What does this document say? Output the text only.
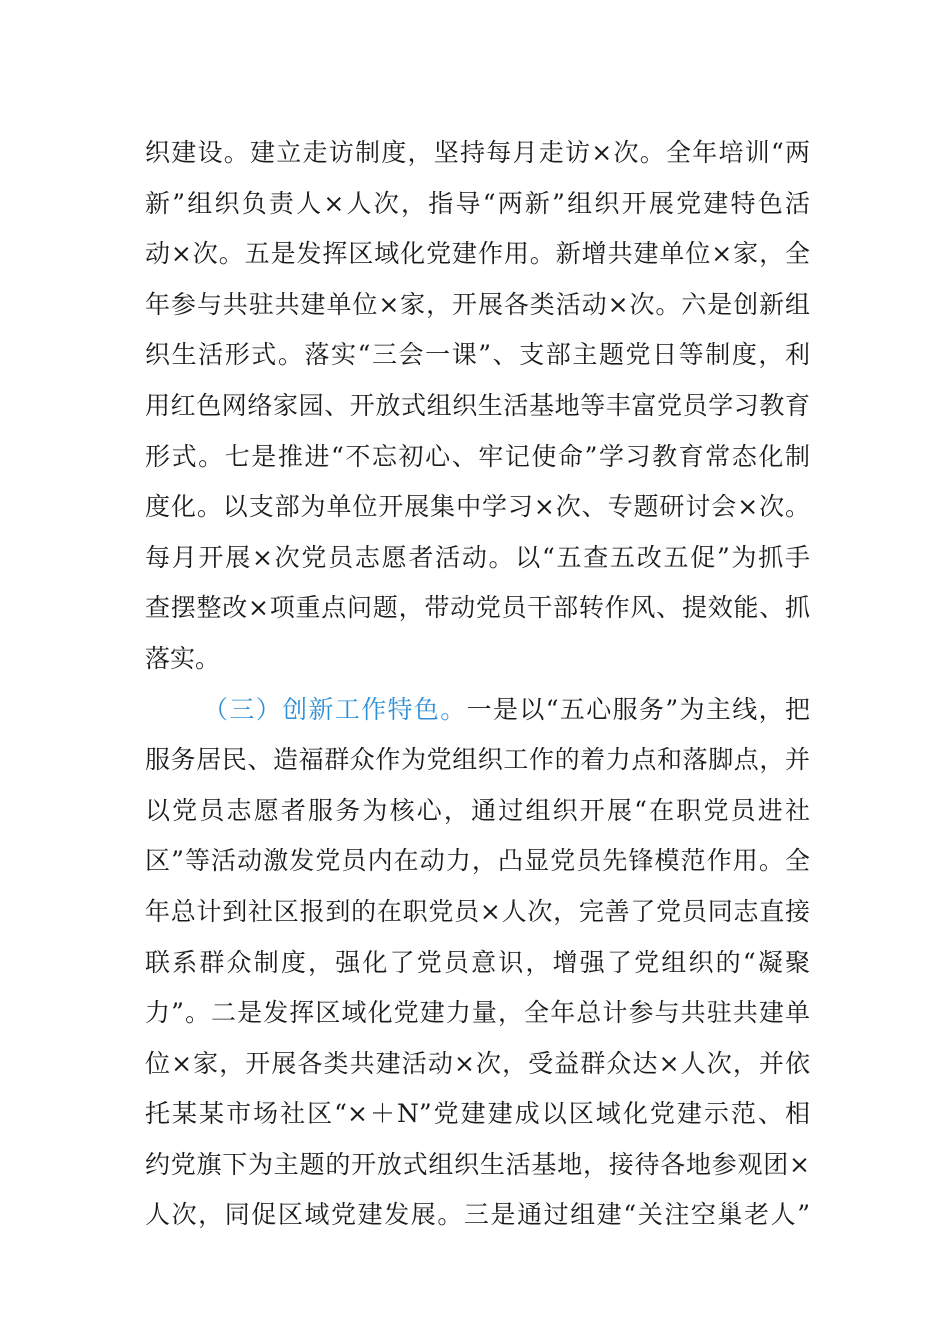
织建设。建立走访制度，坚持每月走访×次。全年培训“两
新”组织负责人×人次，指导“两新”组织开展党建特色活
动×次。五是发挥区域化党建作用。新增共建单位×家，全
年参与共驻共建单位×家，开展各类活动×次。六是创新组
织生活形式。落实“三会一课”、支部主题党日等制度，利
用红色网络家园、开放式组织生活基地等丰富党员学习教育
形式。七是推进“不忘初心、牢记使命”学习教育常态化制
度化。以支部为单位开展集中学习×次、专题研讨会×次。
每月开展×次党员志愿者活动。以“五查五改五促”为抓手
查摆整改×项重点问题，带动党员干部转作风、提效能、抓
落实。
（三）创新工作特色。一是以“五心服务”为主线，把
服务居民、造福群众作为党组织工作的着力点和落脚点，并
以党员志愿者服务为核心，通过组织开展“在职党员进社
区”等活动激发党员内在动力，凸显党员先锋模范作用。全
年总计到社区报到的在职党员×人次，完善了党员同志直接
联系群众制度，强化了党员意识，增强了党组织的“凝聚
力”。二是发挥区域化党建力量，全年总计参与共驻共建单
位×家，开展各类共建活动×次，受益群众达×人次，并依
托某某市场社区“×＋N”党建建成以区域化党建示范、相
约党旗下为主题的开放式组织生活基地，接待各地参观团×
人次，同促区域党建发展。三是通过组建“关注空巢老人”
